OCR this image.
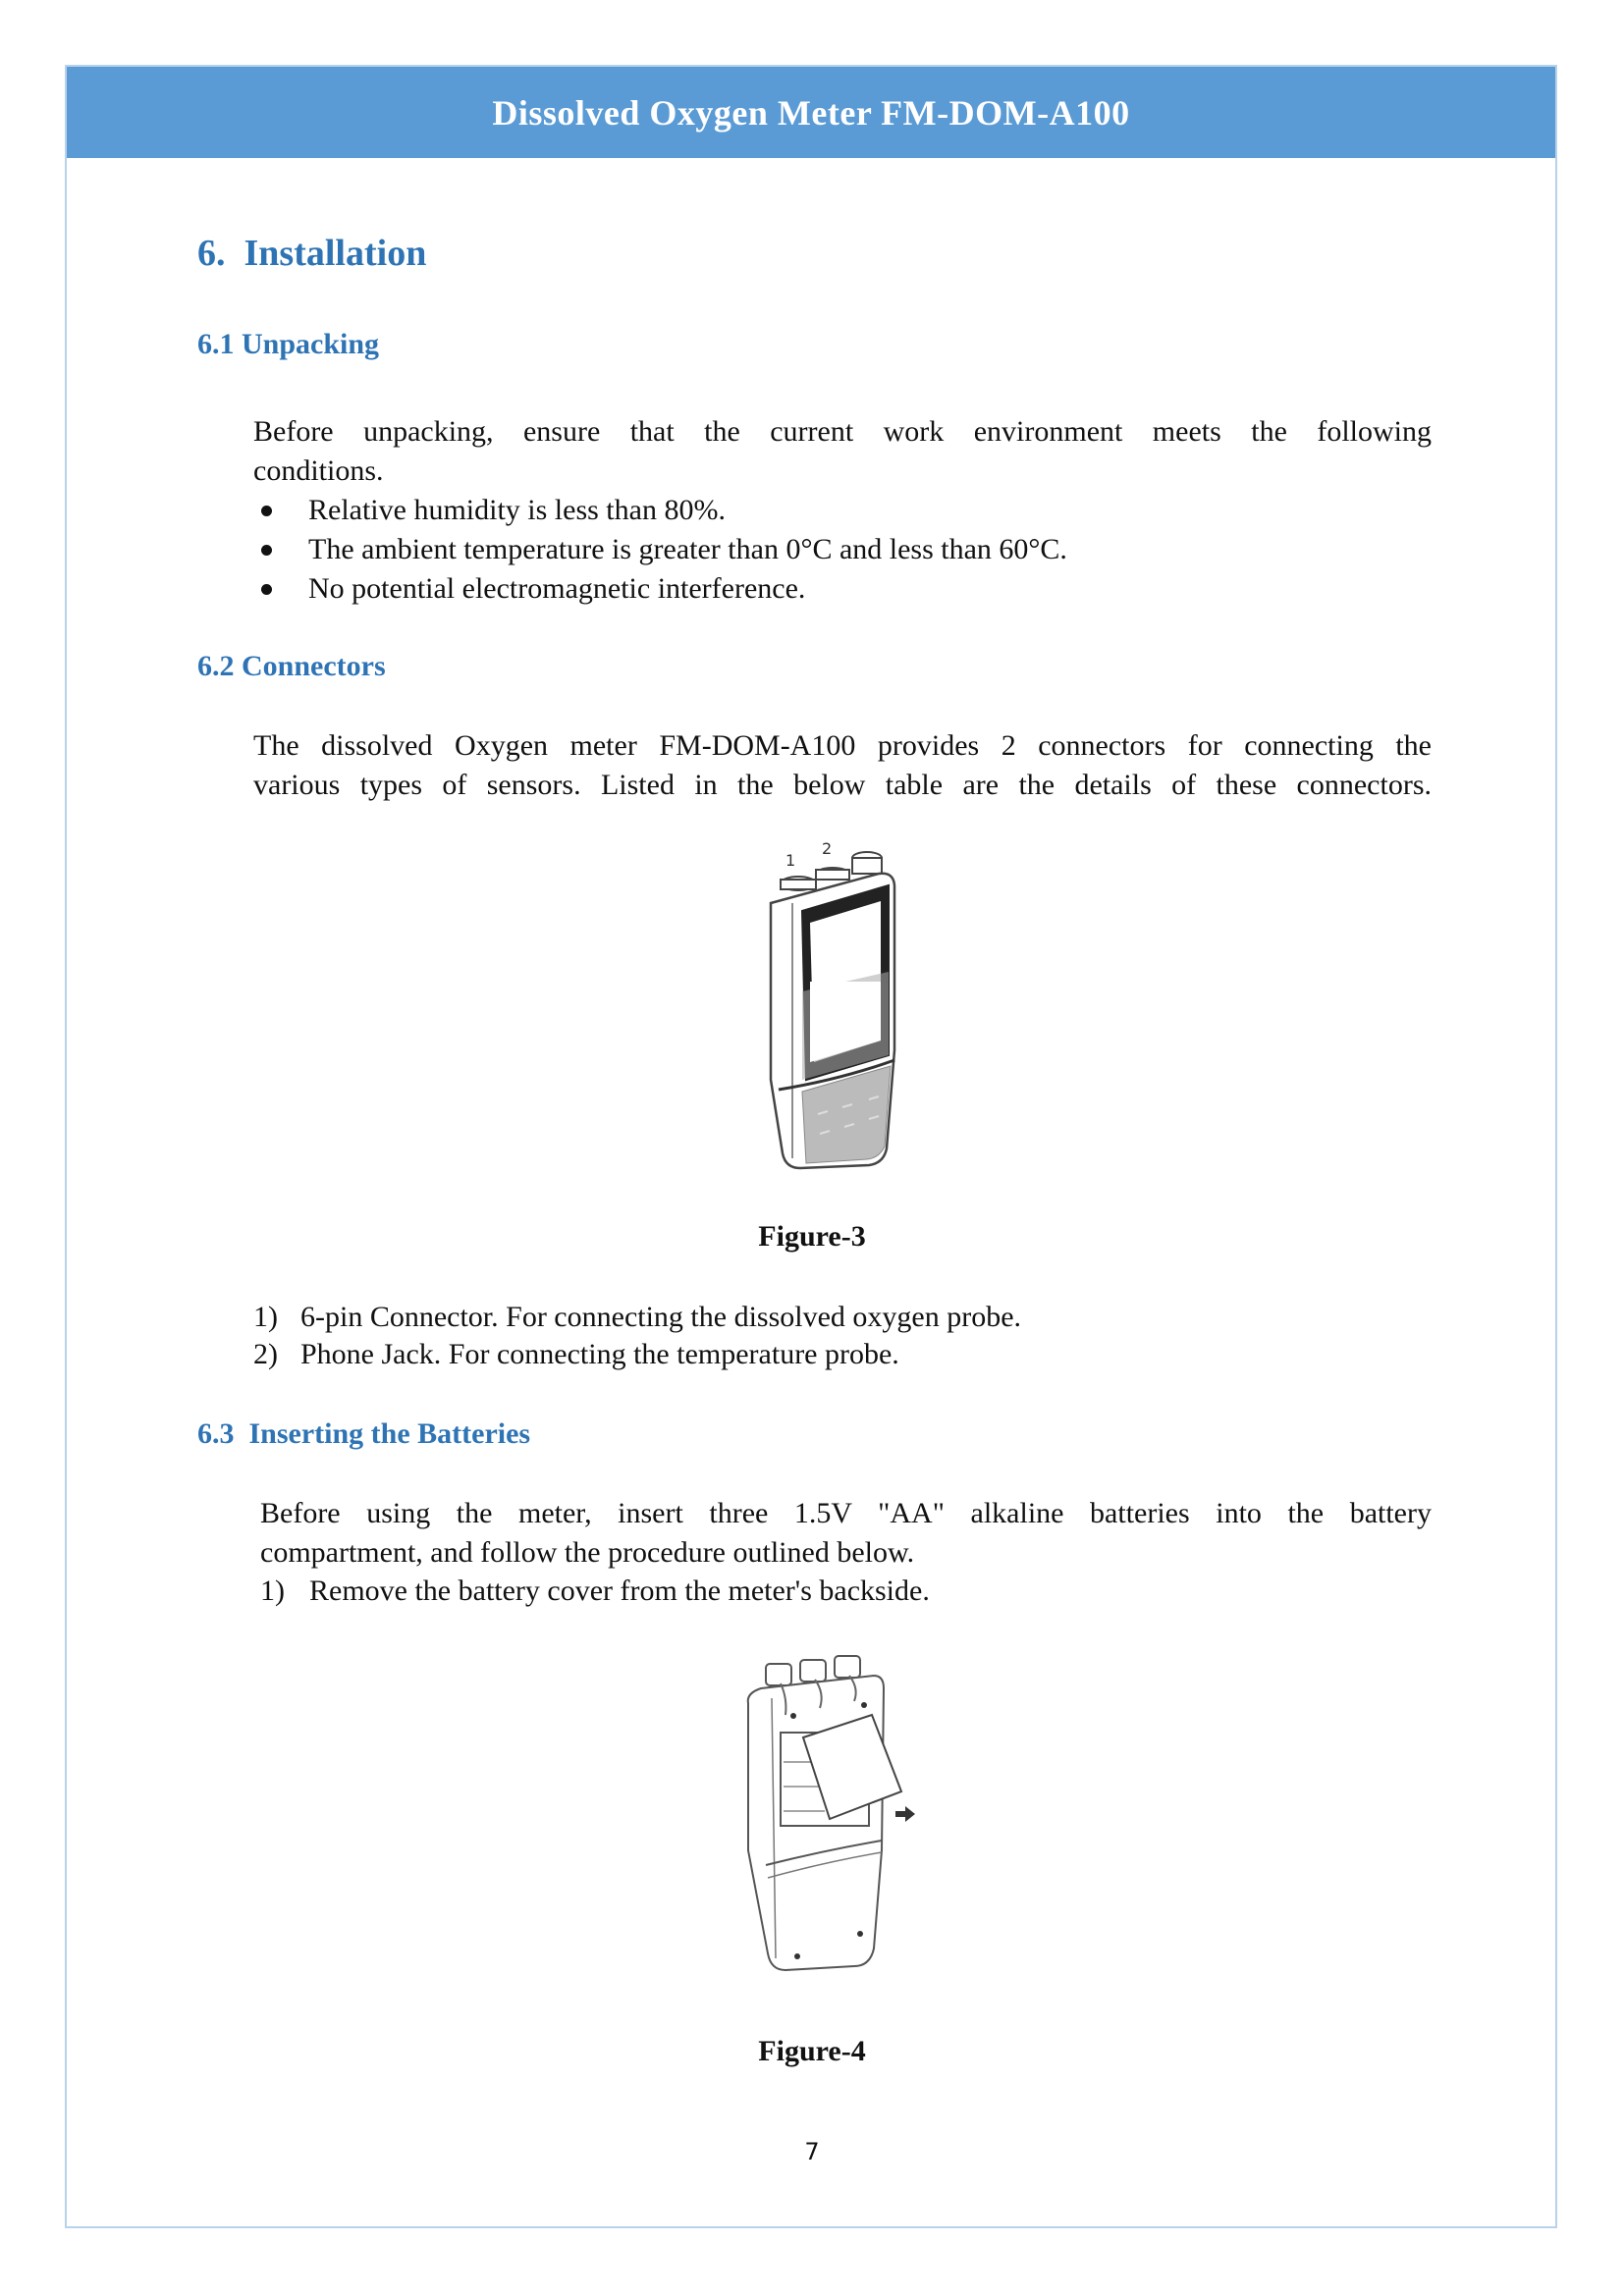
Dissolved Oxygen Meter FM-DOM-A100
6.  Installation
6.1 Unpacking
Before unpacking, ensure that the current work environment meets the following
conditions.
Relative humidity is less than 80%.
The ambient temperature is greater than 0°C and less than 60°C.
No potential electromagnetic interference.
6.2 Connectors
The dissolved Oxygen meter FM-DOM-A100 provides 2 connectors for connecting the
various types of sensors. Listed in the below table are the details of these connectors.
1
2
Figure-3
1) 6-pin Connector. For connecting the dissolved oxygen probe.
2) Phone Jack. For connecting the temperature probe.
6.3  Inserting the Batteries
Before using the meter, insert three 1.5V "AA" alkaline batteries into the battery
compartment, and follow the procedure outlined below.
1) Remove the battery cover from the meter's backside.
Figure-4
7
